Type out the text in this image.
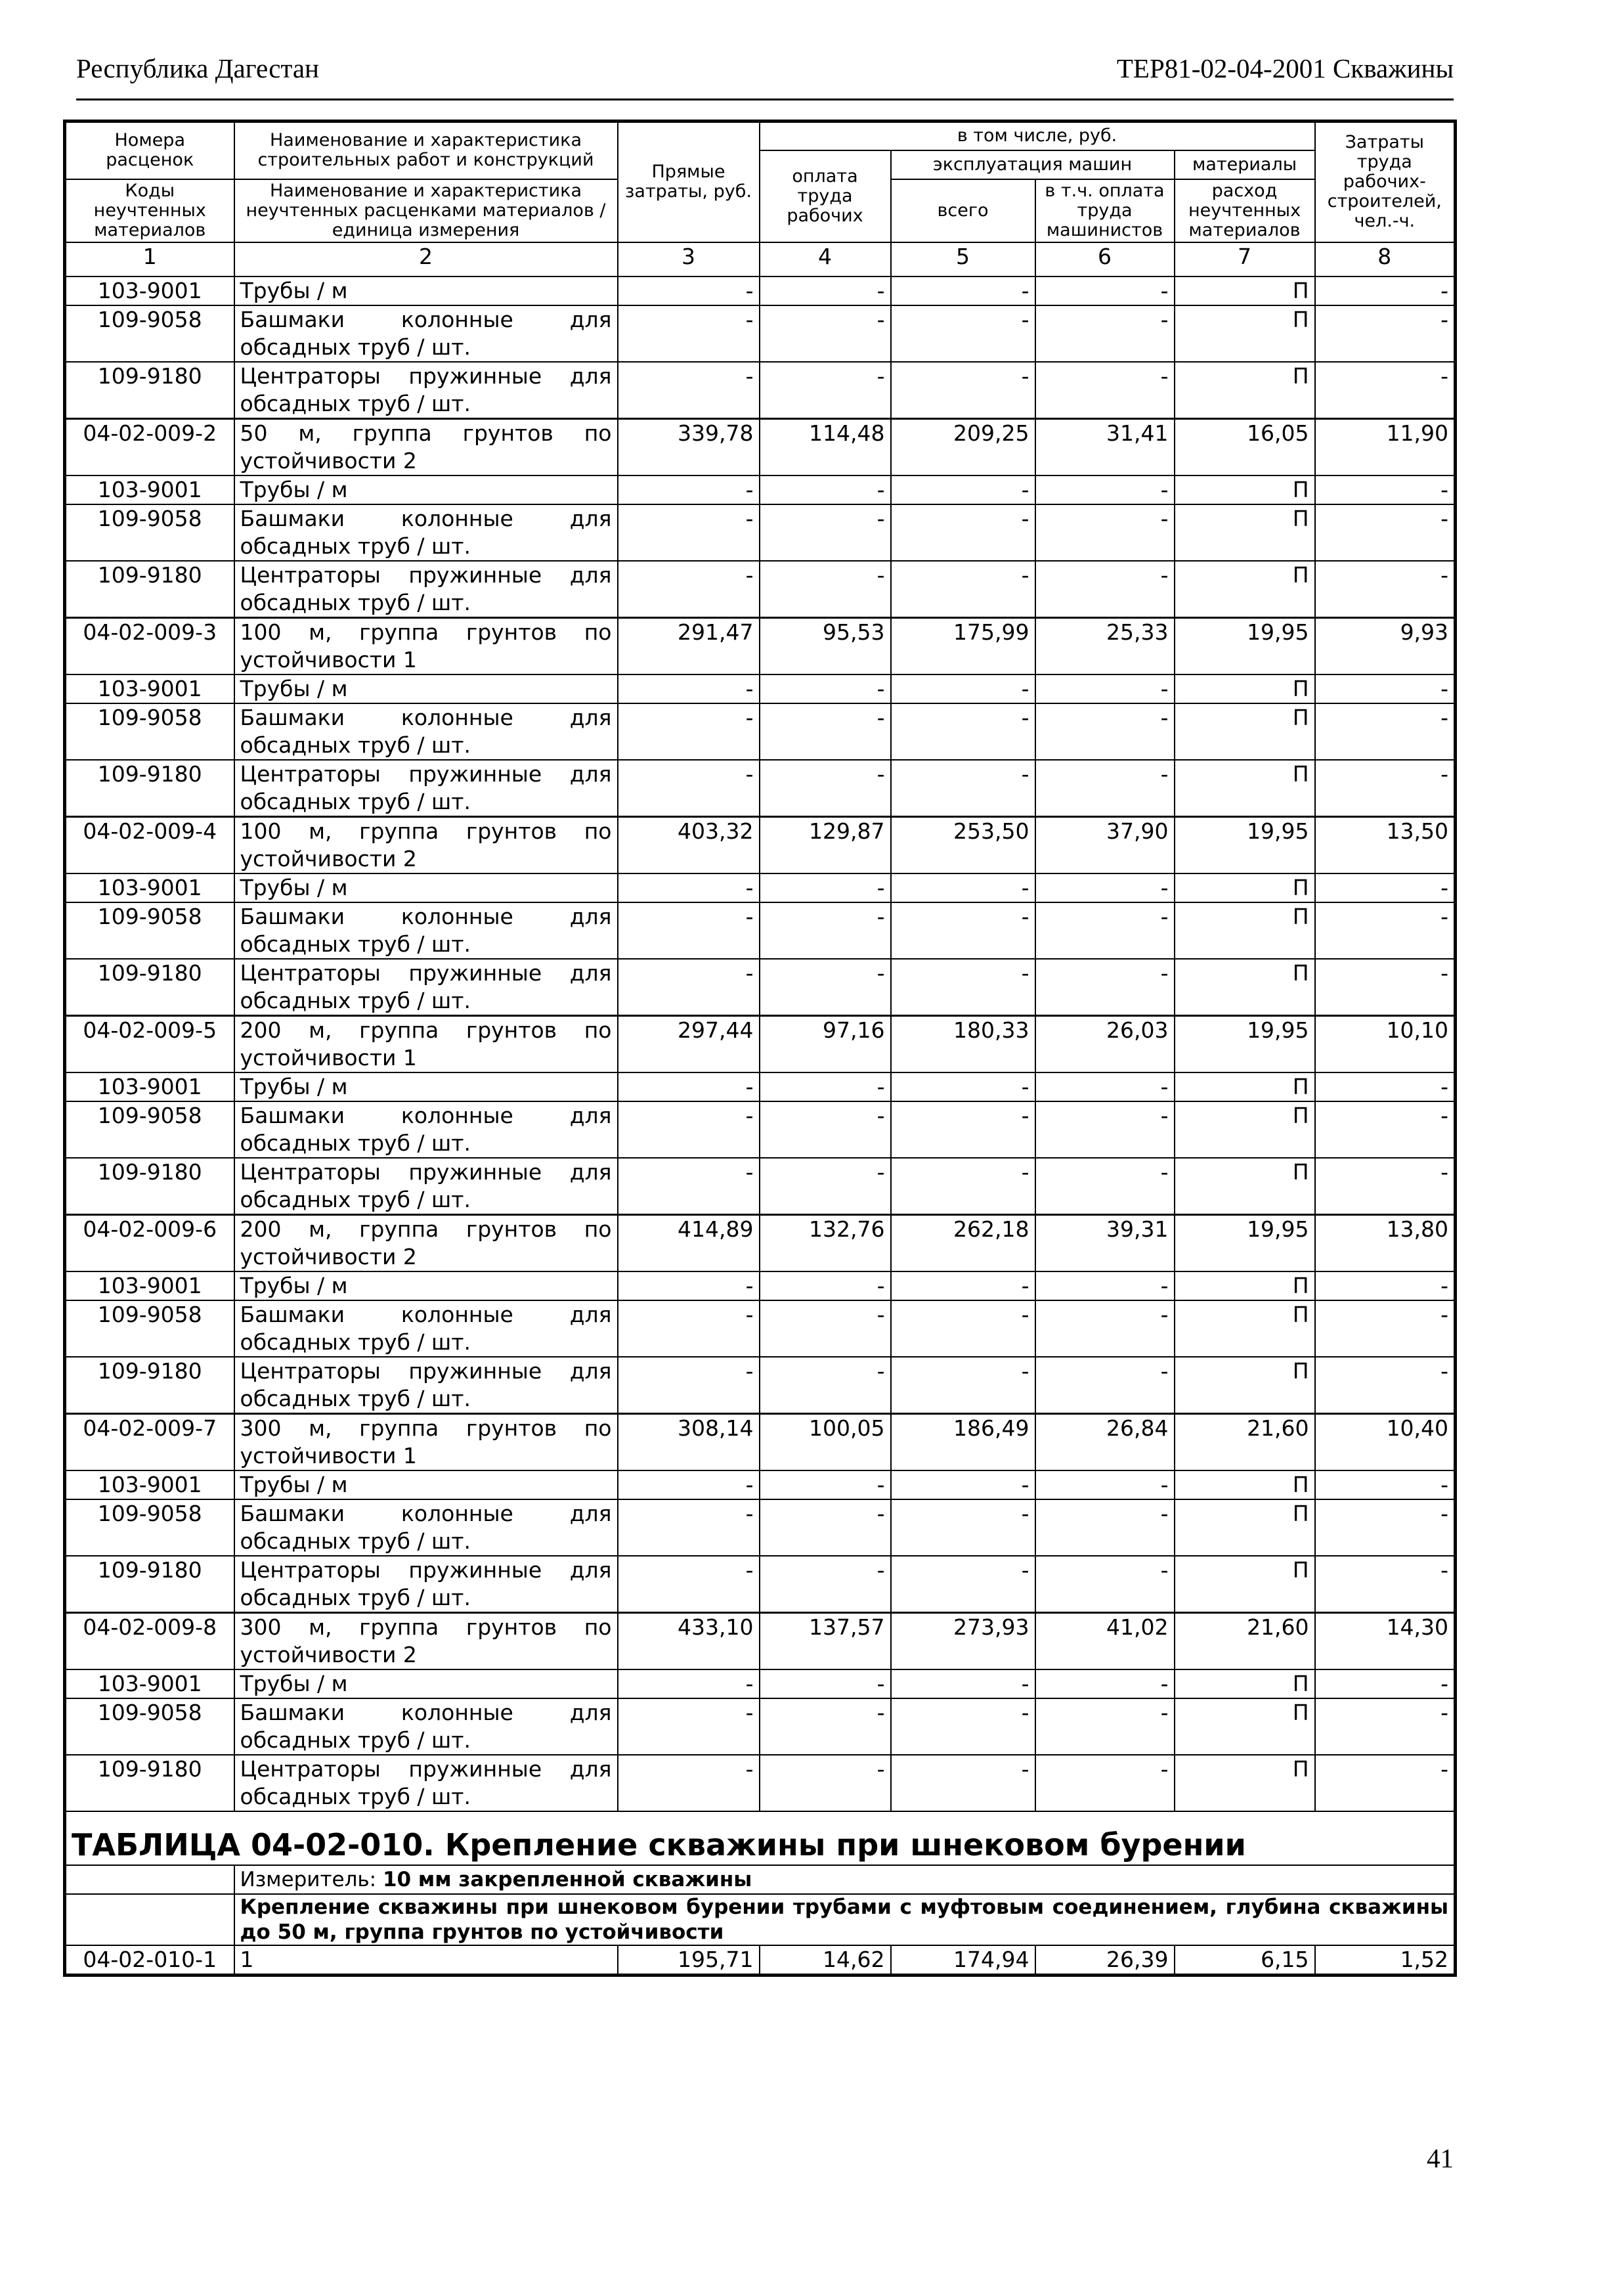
Республика Дагестан	ТЕР81-02-04-2001 Скважины
Номера расценок	Наименование и характеристика строительных работ и конструкций	Прямые затраты, руб.	в том числе, руб.				Затраты труда рабочих-строителей, чел.-ч.
			оплата труда рабочих	эксплуатация машин		материалы	
Коды неучтенных материалов	Наименование и характеристика неучтенных расценками материалов / единица измерения			всего	в т.ч. оплата труда машинистов	расход неучтенных материалов	

1	2	3	4	5	6	7	8
103-9001	Трубы / м	-	-	-	-	П	-
109-9058	Башмаки колонные для обсадных труб / шт.	-	-	-	-	П	-
109-9180	Центраторы пружинные для обсадных труб / шт.	-	-	-	-	П	-
04-02-009-2	50 м, группа грунтов по устойчивости 2	339,78	114,48	209,25	31,41	16,05	11,90
103-9001	Трубы / м	-	-	-	-	П	-
109-9058	Башмаки колонные для обсадных труб / шт.	-	-	-	-	П	-
109-9180	Центраторы пружинные для обсадных труб / шт.	-	-	-	-	П	-
04-02-009-3	100 м, группа грунтов по устойчивости 1	291,47	95,53	175,99	25,33	19,95	9,93
103-9001	Трубы / м	-	-	-	-	П	-
109-9058	Башмаки колонные для обсадных труб / шт.	-	-	-	-	П	-
109-9180	Центраторы пружинные для обсадных труб / шт.	-	-	-	-	П	-
04-02-009-4	100 м, группа грунтов по устойчивости 2	403,32	129,87	253,50	37,90	19,95	13,50
103-9001	Трубы / м	-	-	-	-	П	-
109-9058	Башмаки колонные для обсадных труб / шт.	-	-	-	-	П	-
109-9180	Центраторы пружинные для обсадных труб / шт.	-	-	-	-	П	-
04-02-009-5	200 м, группа грунтов по устойчивости 1	297,44	97,16	180,33	26,03	19,95	10,10
103-9001	Трубы / м	-	-	-	-	П	-
109-9058	Башмаки колонные для обсадных труб / шт.	-	-	-	-	П	-
109-9180	Центраторы пружинные для обсадных труб / шт.	-	-	-	-	П	-
04-02-009-6	200 м, группа грунтов по устойчивости 2	414,89	132,76	262,18	39,31	19,95	13,80
103-9001	Трубы / м	-	-	-	-	П	-
109-9058	Башмаки колонные для обсадных труб / шт.	-	-	-	-	П	-
109-9180	Центраторы пружинные для обсадных труб / шт.	-	-	-	-	П	-
04-02-009-7	300 м, группа грунтов по устойчивости 1	308,14	100,05	186,49	26,84	21,60	10,40
103-9001	Трубы / м	-	-	-	-	П	-
109-9058	Башмаки колонные для обсадных труб / шт.	-	-	-	-	П	-
109-9180	Центраторы пружинные для обсадных труб / шт.	-	-	-	-	П	-
04-02-009-8	300 м, группа грунтов по устойчивости 2	433,10	137,57	273,93	41,02	21,60	14,30
103-9001	Трубы / м	-	-	-	-	П	-
109-9058	Башмаки колонные для обсадных труб / шт.	-	-	-	-	П	-
109-9180	Центраторы пружинные для обсадных труб / шт.	-	-	-	-	П	-
ТАБЛИЦА 04-02-010. Крепление скважины при шнековом бурении							
	Измеритель: 10 мм закрепленной скважины						
	Крепление скважины при шнековом бурении трубами с муфтовым соединением, глубина скважины до 50 м, группа грунтов по устойчивости						
04-02-010-1	1	195,71	14,62	174,94	26,39	6,15	1,52
41
